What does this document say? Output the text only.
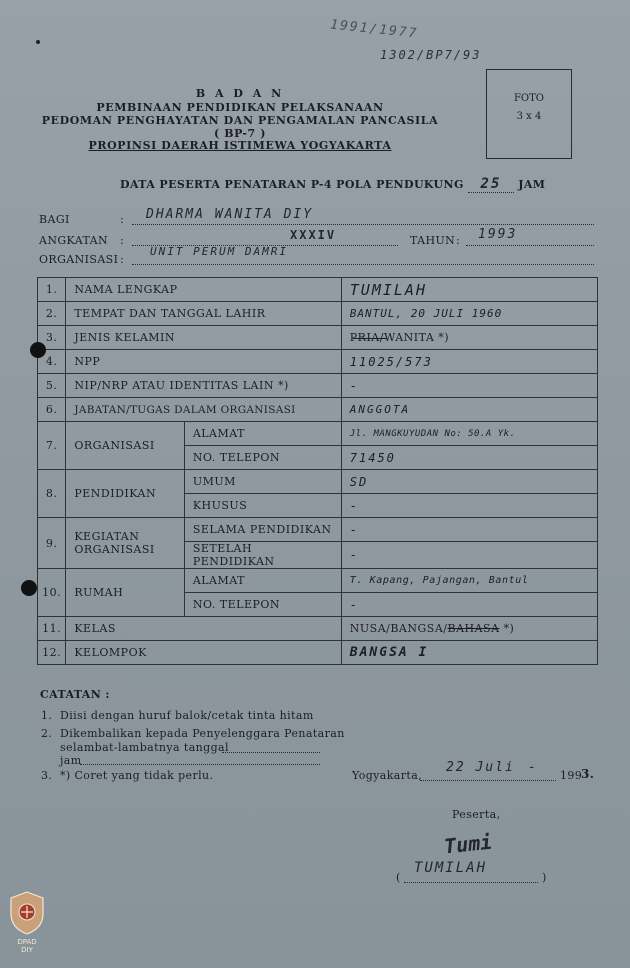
1991/1977
1302/BP7/93
B A D A N
PEMBINAAN PENDIDIKAN PELAKSANAAN
PEDOMAN PENGHAYATAN DAN PENGAMALAN PANCASILA
( BP-7 )
PROPINSI DAERAH ISTIMEWA YOGYAKARTA
FOTO
3 x 4
DATA PESERTA PENATARAN P-4 POLA PENDUKUNG 25 JAM
BAGI	: DHARMA WANITA DIY
ANGKATAN :	XXXIV	TAHUN : 1993
ORGANISASI :
UNIT PERUM DAMRI
1.	NAMA LENGKAP		TUMILAH
2.	TEMPAT DAN TANGGAL LAHIR		BANTUL, 20 JULI 1960
3.	JENIS KELAMIN		PRIA/WANITA *)
4.	NPP		11025/573
5.	NIP/NRP ATAU IDENTITAS LAIN *)		-
6.	JABATAN/TUGAS DALAM ORGANISASI		ANGGOTA
7.	ORGANISASI	ALAMAT	Jl. MANGKUYUDAN No: 50.A Yk.
		NO. TELEPON	71450
8.	PENDIDIKAN	UMUM	SD
		KHUSUS	-
9.	KEGIATAN ORGANISASI	SELAMA PENDIDIKAN	-
		SETELAH PENDIDIKAN	-
10.	RUMAH	ALAMAT	T. Kapang, Pajangan, Bantul
		NO. TELEPON	-
11.	KELAS		NUSA/BANGSA/BAHASA *)
12.	KELOMPOK		BANGSA I
CATATAN :
1. Diisi dengan huruf balok/cetak tinta hitam
2. Dikembalikan kepada Penyelenggara Penataran
selambat-lambatnya tanggal
jam
3. *) Coret yang tidak perlu.	Yogyakarta,
22 Juli -
199
3.
Peserta,
Tumi
(
TUMILAH
)
DPAD
DIY
